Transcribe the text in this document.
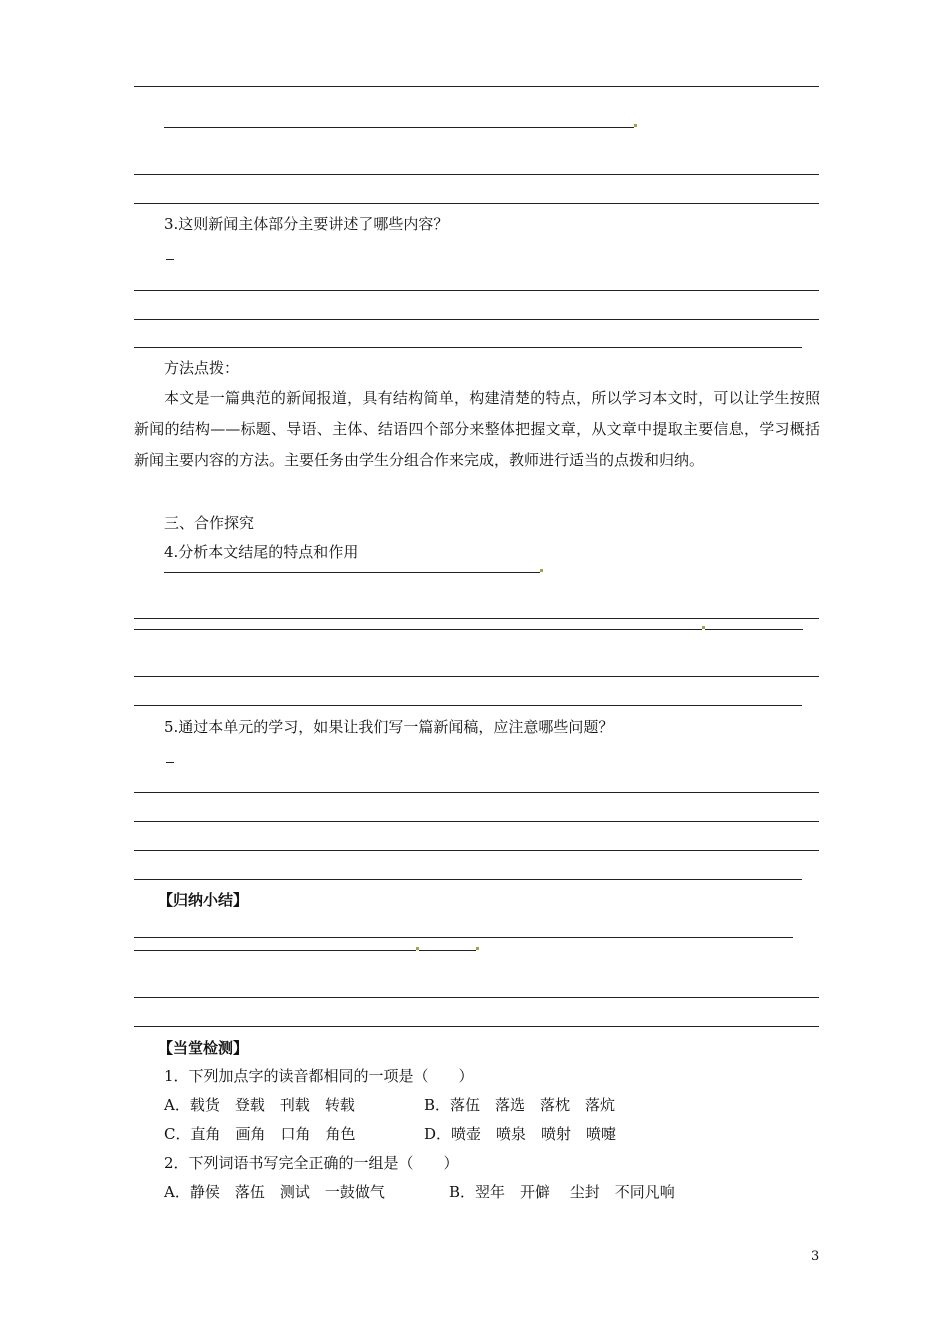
3.这则新闻主体部分主要讲述了哪些内容？
方法点拨：
本文是一篇典范的新闻报道，具有结构简单，构建清楚的特点，所以学习本文时，可以让学生按照新闻的结构——标题、导语、主体、结语四个部分来整体把握文章，从文章中提取主要信息，学习概括新闻主要内容的方法。主要任务由学生分组合作来完成，教师进行适当的点拨和归纳。
三、合作探究
4.分析本文结尾的特点和作用
5.通过本单元的学习，如果让我们写一篇新闻稿，应注意哪些问题？
【归纳小结】
【当堂检测】
1．下列加点字的读音都相同的一项是（　　）
A．载货　登载　刊载　转载	B．落伍　落选　落枕　落炕
C．直角　画角　口角　角色	D．喷壶　喷泉　喷射　喷嚏
2．下列词语书写完全正确的一组是（　　）
A．静侯　落伍　测试　一鼓做气	B．翌年　开僻　 尘封　不同凡响
3
